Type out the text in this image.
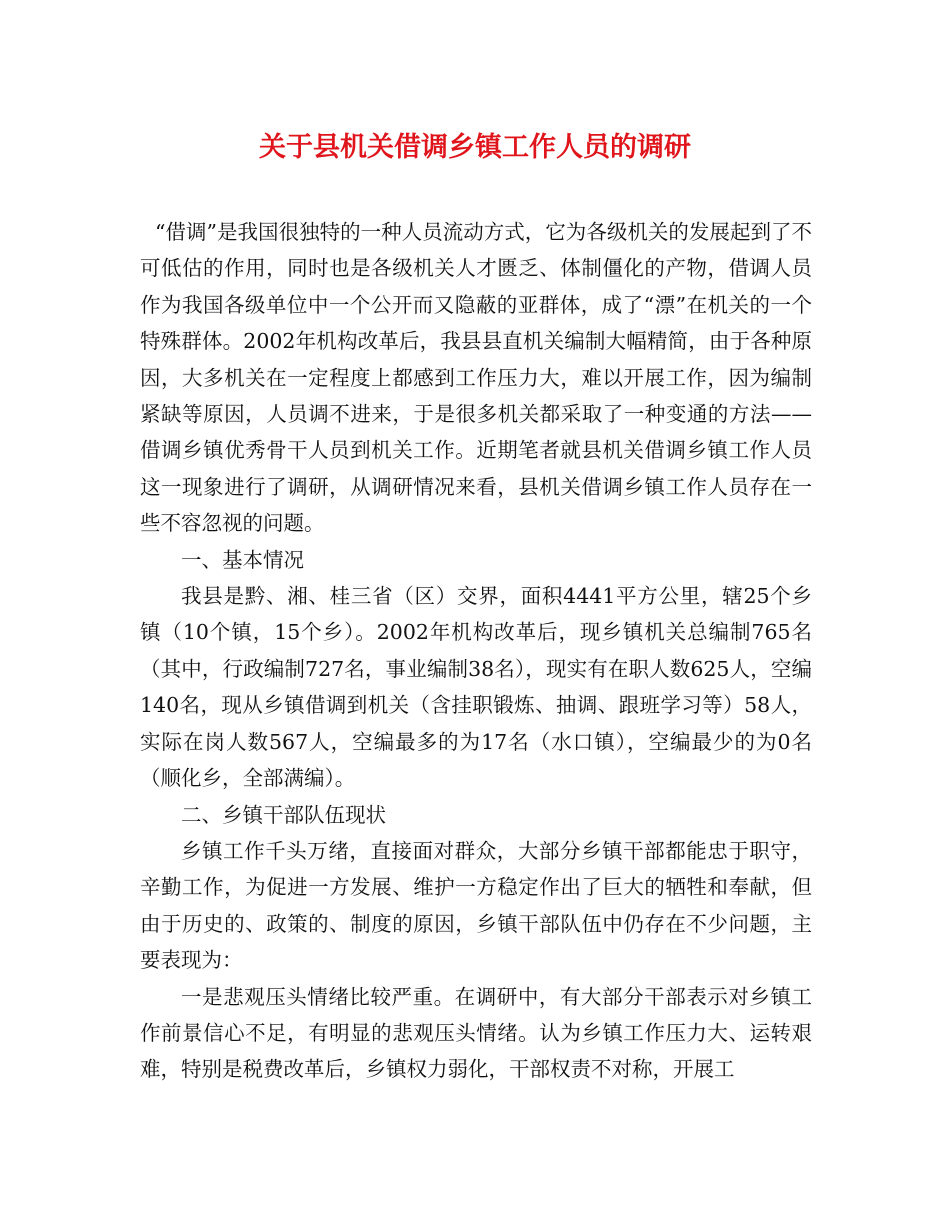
关于县机关借调乡镇工作人员的调研

“借调”是我国很独特的一种人员流动方式，它为各级机关的发展起到了不可低估的作用，同时也是各级机关人才匮乏、体制僵化的产物，借调人员作为我国各级单位中一个公开而又隐蔽的亚群体，成了“漂”在机关的一个特殊群体。2002年机构改革后，我县县直机关编制大幅精简，由于各种原因，大多机关在一定程度上都感到工作压力大，难以开展工作，因为编制紧缺等原因，人员调不进来，于是很多机关都采取了一种变通的方法——借调乡镇优秀骨干人员到机关工作。近期笔者就县机关借调乡镇工作人员这一现象进行了调研，从调研情况来看，县机关借调乡镇工作人员存在一些不容忽视的问题。

一、基本情况

我县是黔、湘、桂三省（区）交界，面积4441平方公里，辖25个乡镇（10个镇，15个乡）。2002年机构改革后，现乡镇机关总编制765名（其中，行政编制727名，事业编制38名），现实有在职人数625人，空编140名，现从乡镇借调到机关（含挂职锻炼、抽调、跟班学习等）58人，实际在岗人数567人，空编最多的为17名（水口镇），空编最少的为0名（顺化乡，全部满编）。

二、乡镇干部队伍现状

乡镇工作千头万绪，直接面对群众，大部分乡镇干部都能忠于职守，辛勤工作，为促进一方发展、维护一方稳定作出了巨大的牺牲和奉献，但由于历史的、政策的、制度的原因，乡镇干部队伍中仍存在不少问题，主要表现为：

一是悲观压头情绪比较严重。在调研中，有大部分干部表示对乡镇工作前景信心不足，有明显的悲观压头情绪。认为乡镇工作压力大、运转艰难，特别是税费改革后，乡镇权力弱化，干部权责不对称，开展工
